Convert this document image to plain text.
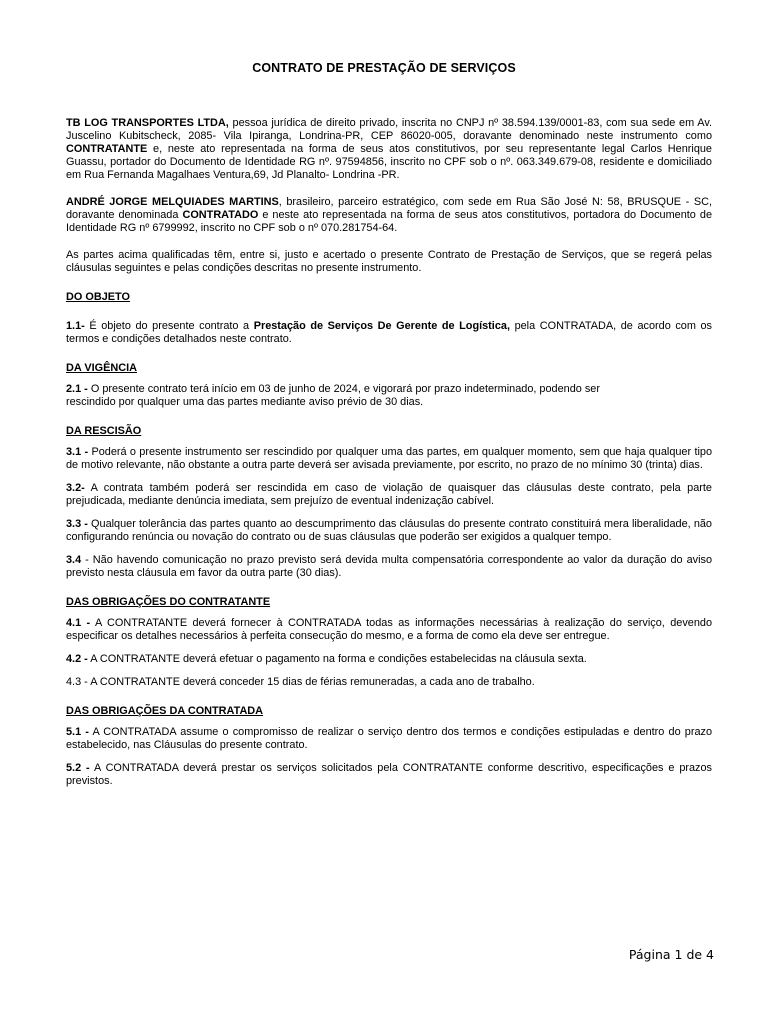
CONTRATO DE PRESTAÇÃO DE SERVIÇOS

TB LOG TRANSPORTES LTDA, pessoa jurídica de direito privado, inscrita no CNPJ nº 38.594.139/0001-83, com sua sede em Av. Juscelino Kubitscheck, 2085- Vila Ipiranga, Londrina-PR, CEP 86020-005, doravante denominado neste instrumento como CONTRATANTE e, neste ato representada na forma de seus atos constitutivos, por seu representante legal Carlos Henrique Guassu, portador do Documento de Identidade RG nº. 97594856, inscrito no CPF sob o nº. 063.349.679-08, residente e domiciliado em Rua Fernanda Magalhaes Ventura,69, Jd Planalto- Londrina -PR.

ANDRÉ JORGE MELQUIADES MARTINS, brasileiro, parceiro estratégico, com sede em Rua São José N: 58, BRUSQUE - SC, doravante denominada CONTRATADO e neste ato representada na forma de seus atos constitutivos, portadora do Documento de Identidade RG nº 6799992, inscrito no CPF sob o nº 070.281754-64.

As partes acima qualificadas têm, entre si, justo e acertado o presente Contrato de Prestação de Serviços, que se regerá pelas cláusulas seguintes e pelas condições descritas no presente instrumento.

DO OBJETO

1.1- É objeto do presente contrato a Prestação de Serviços De Gerente de Logística, pela CONTRATADA, de acordo com os termos e condições detalhados neste contrato.

DA VIGÊNCIA

2.1 - O presente contrato terá início em 03 de junho de 2024, e vigorará por prazo indeterminado, podendo ser
rescindido por qualquer uma das partes mediante aviso prévio de 30 dias.

DA RESCISÃO

3.1 - Poderá o presente instrumento ser rescindido por qualquer uma das partes, em qualquer momento, sem que haja qualquer tipo de motivo relevante, não obstante a outra parte deverá ser avisada previamente, por escrito, no prazo de no mínimo 30 (trinta) dias.

3.2- A contrata também poderá ser rescindida em caso de violação de quaisquer das cláusulas deste contrato, pela parte prejudicada, mediante denúncia imediata, sem prejuízo de eventual indenização cabível.

3.3 - Qualquer tolerância das partes quanto ao descumprimento das cláusulas do presente contrato constituirá mera liberalidade, não configurando renúncia ou novação do contrato ou de suas cláusulas que poderão ser exigidos a qualquer tempo.

3.4 - Não havendo comunicação no prazo previsto será devida multa compensatória correspondente ao valor da duração do aviso previsto nesta cláusula em favor da outra parte (30 dias).

DAS OBRIGAÇÕES DO CONTRATANTE

4.1 - A CONTRATANTE deverá fornecer à CONTRATADA todas as informações necessárias à realização do serviço, devendo especificar os detalhes necessários à perfeita consecução do mesmo, e a forma de como ela deve ser entregue.

4.2 - A CONTRATANTE deverá efetuar o pagamento na forma e condições estabelecidas na cláusula sexta.

4.3 - A CONTRATANTE deverá conceder 15 dias de férias remuneradas, a cada ano de trabalho.

DAS OBRIGAÇÕES DA CONTRATADA

5.1 - A CONTRATADA assume o compromisso de realizar o serviço dentro dos termos e condições estipuladas e dentro do prazo estabelecido, nas Cláusulas do presente contrato.

5.2 - A CONTRATADA deverá prestar os serviços solicitados pela CONTRATANTE conforme descritivo, especificações e prazos previstos.

Página 1 de 4
